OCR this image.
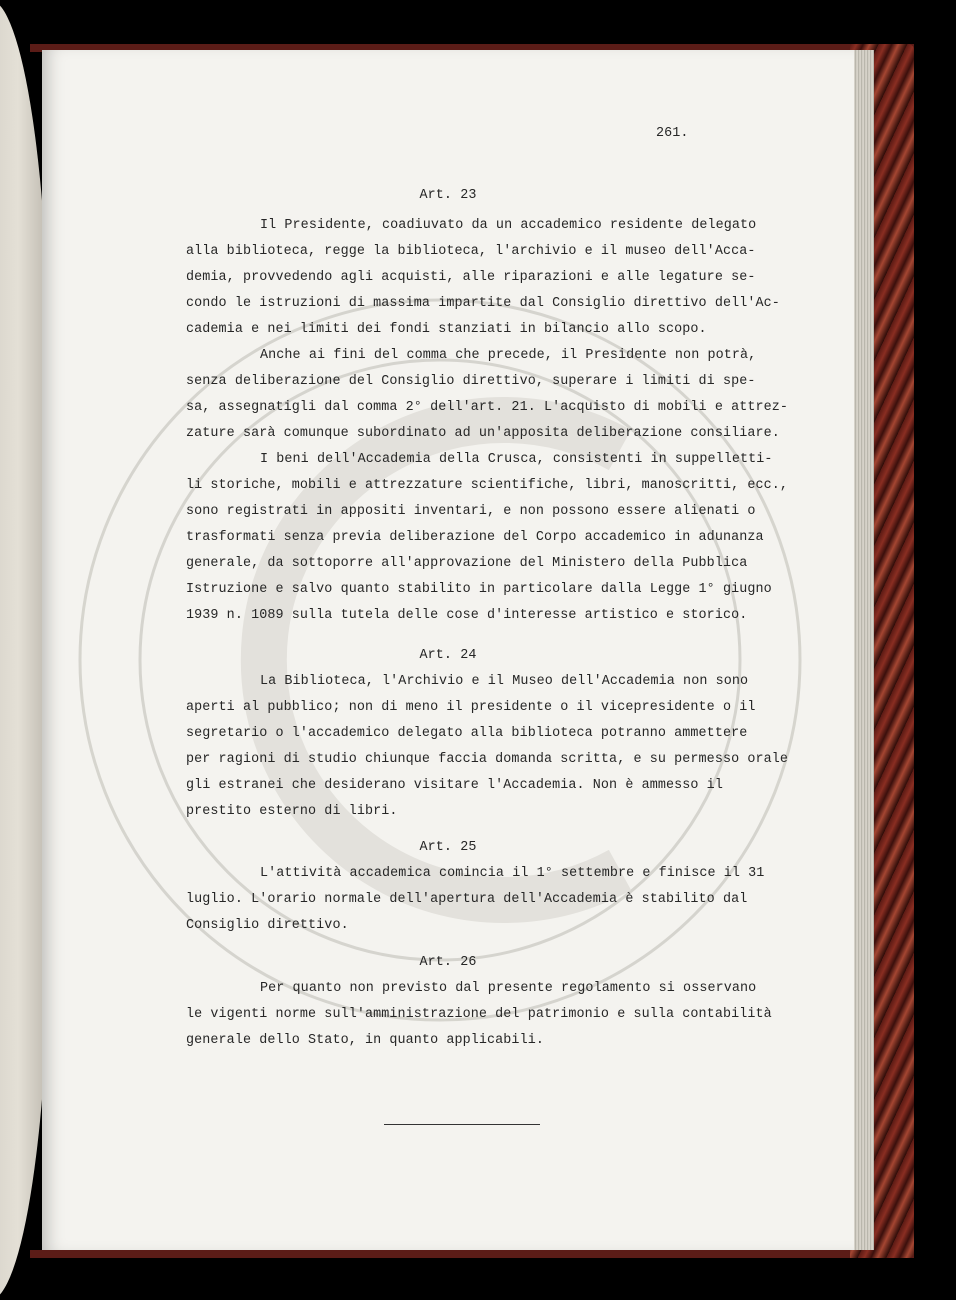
261.
Art. 23
Il Presidente, coadiuvato da un accademico residente delegato
alla biblioteca, regge la biblioteca, l'archivio e il museo dell'Acca-
demia, provvedendo agli acquisti, alle riparazioni e alle legature se-
condo le istruzioni di massima impartite dal Consiglio direttivo dell'Ac-
cademia e nei limiti dei fondi stanziati in bilancio allo scopo.
Anche ai fini del comma che precede, il Presidente non potrà,
senza deliberazione del Consiglio direttivo, superare i limiti di spe-
sa, assegnatigli dal comma 2° dell'art. 21. L'acquisto di mobili e attrez-
zature sarà comunque subordinato ad un'apposita deliberazione consiliare.
I beni dell'Accademia della Crusca, consistenti in suppelletti-
li storiche, mobili e attrezzature scientifiche, libri, manoscritti, ecc.,
sono registrati in appositi inventari, e non possono essere alienati o
trasformati senza previa deliberazione del Corpo accademico in adunanza
generale, da sottoporre all'approvazione del Ministero della Pubblica
Istruzione e salvo quanto stabilito in particolare dalla Legge 1° giugno
1939 n. 1089 sulla tutela delle cose d'interesse artistico e storico.
Art. 24
La Biblioteca, l'Archivio e il Museo dell'Accademia non sono
aperti al pubblico; non di meno il presidente o il vicepresidente o il
segretario o l'accademico delegato alla biblioteca potranno ammettere
per ragioni di studio chiunque faccia domanda scritta, e su permesso orale
gli estranei che desiderano visitare l'Accademia. Non è ammesso il
prestito esterno di libri.
Art. 25
L'attività accademica comincia il 1° settembre e finisce il 31
luglio. L'orario normale dell'apertura dell'Accademia è stabilito dal
Consiglio direttivo.
Art. 26
Per quanto non previsto dal presente regolamento si osservano
le vigenti norme sull'amministrazione del patrimonio e sulla contabilità
generale dello Stato, in quanto applicabili.
